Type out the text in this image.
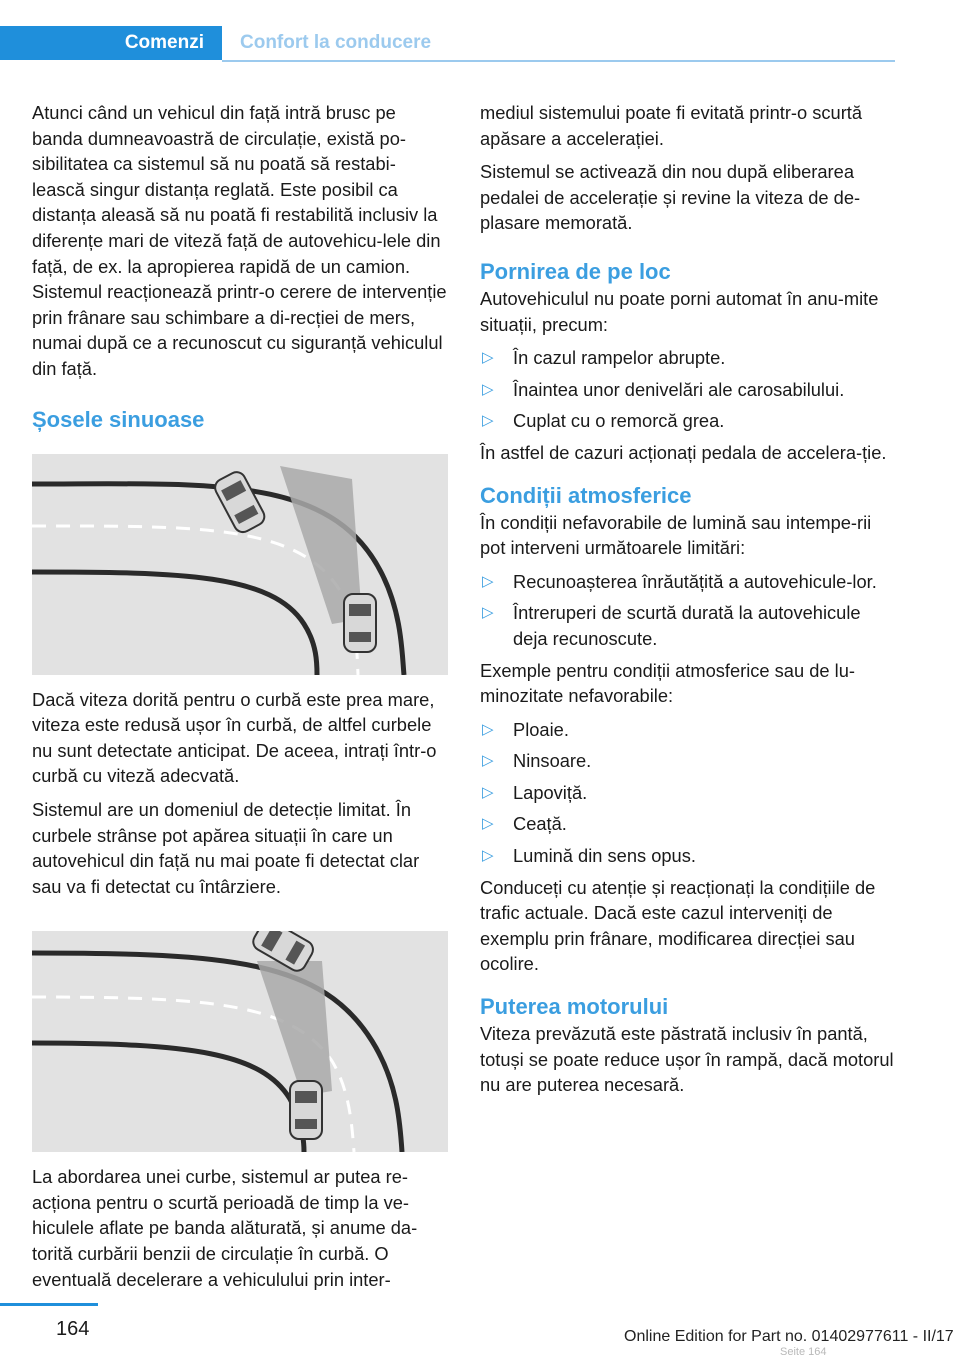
Comenzi	Confort la conducere

Atunci când un vehicul din față intră brusc pe banda dumneavoastră de circulație, există po‐sibilitatea ca sistemul să nu poată să restabi‐lească singur distanța reglată. Este posibil ca distanța aleasă să nu poată fi restabilită inclusiv la diferențe mari de viteză față de autovehicu‐lele din față, de ex. la apropierea rapidă de un camion. Sistemul reacționează printr-o cerere de intervenție prin frânare sau schimbare a di‐recției de mers, numai după ce a recunoscut cu siguranță vehiculul din față.

Șosele sinuoase

Dacă viteza dorită pentru o curbă este prea mare, viteza este redusă ușor în curbă, de altfel curbele nu sunt detectate anticipat. De aceea, intrați într-o curbă cu viteză adecvată.

Sistemul are un domeniul de detecție limitat. În curbele strânse pot apărea situații în care un autovehicul din față nu mai poate fi detectat clar sau va fi detectat cu întârziere.

La abordarea unei curbe, sistemul ar putea re‐acționa pentru o scurtă perioadă de timp la ve‐hiculele aflate pe banda alăturată, și anume da‐torită curbării benzii de circulație în curbă. O eventuală decelerare a vehiculului prin inter‐

mediul sistemului poate fi evitată printr-o scurtă apăsare a accelerației.

Sistemul se activează din nou după eliberarea pedalei de accelerație și revine la viteza de de‐plasare memorată.

Pornirea de pe loc

Autovehiculul nu poate porni automat în anu‐mite situații, precum:

▷ În cazul rampelor abrupte.
▷ Înaintea unor denivelări ale carosabilului.
▷ Cuplat cu o remorcă grea.

În astfel de cazuri acționați pedala de accelera‐ție.

Condiții atmosferice

În condiții nefavorabile de lumină sau intempe‐rii pot interveni următoarele limitări:

▷ Recunoașterea înrăutățită a autovehicule‐lor.
▷ Întreruperi de scurtă durată la autovehicule deja recunoscute.

Exemple pentru condiții atmosferice sau de lu‐minozitate nefavorabile:

▷ Ploaie.
▷ Ninsoare.
▷ Lapoviță.
▷ Ceață.
▷ Lumină din sens opus.

Conduceți cu atenție și reacționați la condițiile de trafic actuale. Dacă este cazul interveniți de exemplu prin frânare, modificarea direcției sau ocolire.

Puterea motorului

Viteza prevăzută este păstrată inclusiv în pantă, totuși se poate reduce ușor în rampă, dacă motorul nu are puterea necesară.

164	Online Edition for Part no. 01402977611 - II/17
Seite 164
